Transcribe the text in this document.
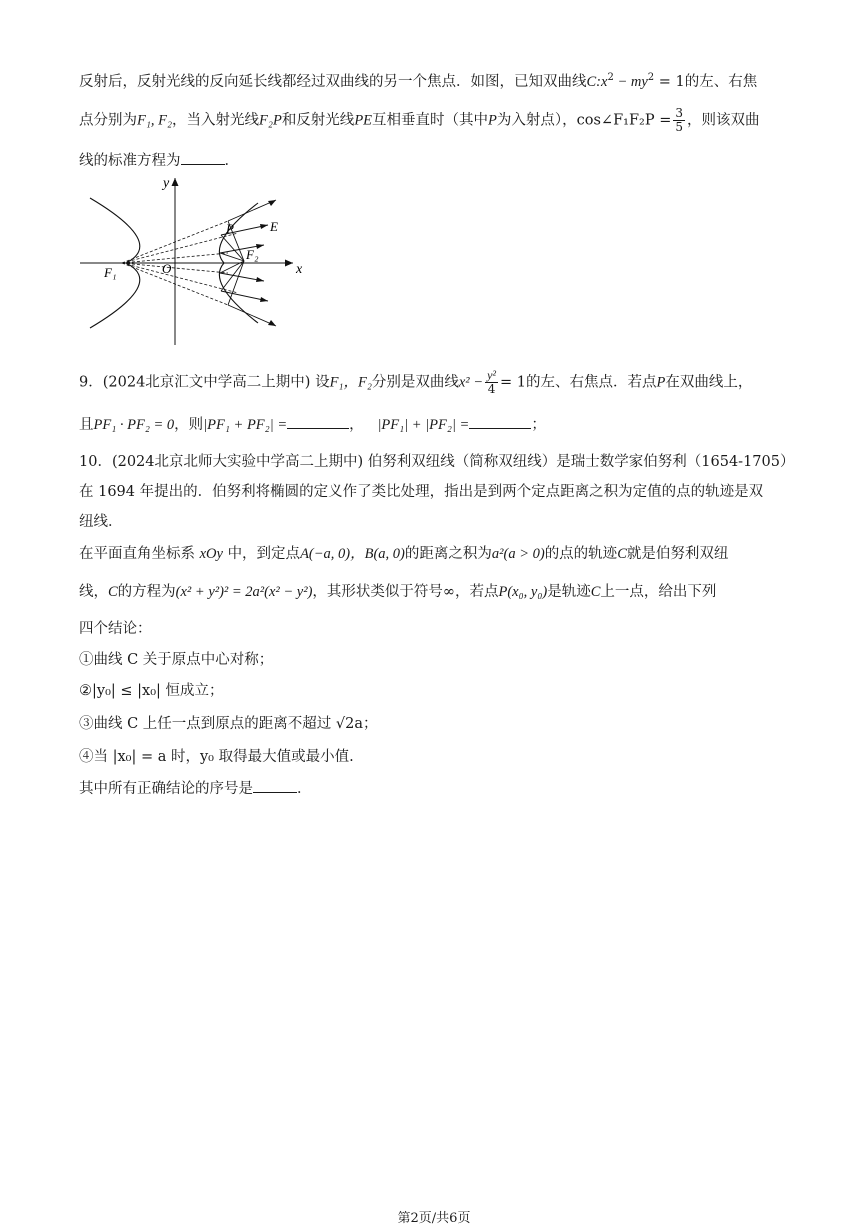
反射后，反射光线的反向延长线都经过双曲线的另一个焦点．如图，已知双曲线$C:x^2 - my^2 = 1$的左、右焦
点分别为F₁, F₂，当入射光线F₂P和反射光线PE互相垂直时（其中P为入射点），cos∠F₁F₂P = $\frac{3}{5}$ ，则该双曲
线的标准方程为	．
x
y
O
F₁
F₂
P	E
9．(2024北京汇文中学高二上期中) 设F₁，F₂分别是双曲线$x^2 - \frac{\text{y²}}{4} = 1$的左、右焦点．若点P在双曲线上，
且PF₁ · PF₂ = 0，则|PF₁ + PF₂| =	，   |PF₁| + |PF₂| =	；
10．(2024北京北师大实验中学高二上期中) 伯努利双纽线（简称双纽线）是瑞士数学家伯努利（1654-1705）
在 1694 年提出的．伯努利将椭圆的定义作了类比处理，指出是到两个定点距离之积为定值的点的轨迹是双
纽线．
在平面直角坐标系 xOy 中，到定点A(−a, 0)，B(a, 0)的距离之积为a²(a > 0)的点的轨迹C就是伯努利双纽
线，C的方程为(x² + y²)² = 2a²(x² − y²)，其形状类似于符号∞，若点P(x₀, y₀)是轨迹C上一点，给出下列
四个结论：
①曲线 C 关于原点中心对称；
②|y₀| ≤ |x₀| 恒成立；
③曲线 C 上任一点到原点的距离不超过 √2a；
④当 |x₀| = a 时，y₀ 取得最大值或最小值.
其中所有正确结论的序号是	．
第2页/共6页
